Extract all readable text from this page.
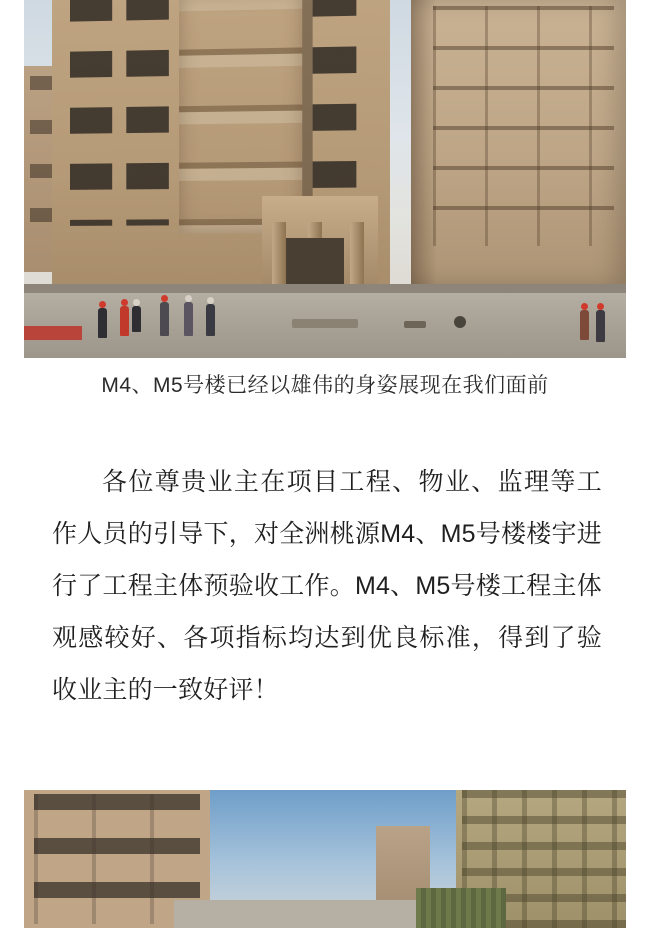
M4、M5号楼已经以雄伟的身姿展现在我们面前

各位尊贵业主在项目工程、物业、监理等工作人员的引导下，对全洲桃源M4、M5号楼楼宇进行了工程主体预验收工作。M4、M5号楼工程主体观感较好、各项指标均达到优良标准，得到了验收业主的一致好评！
